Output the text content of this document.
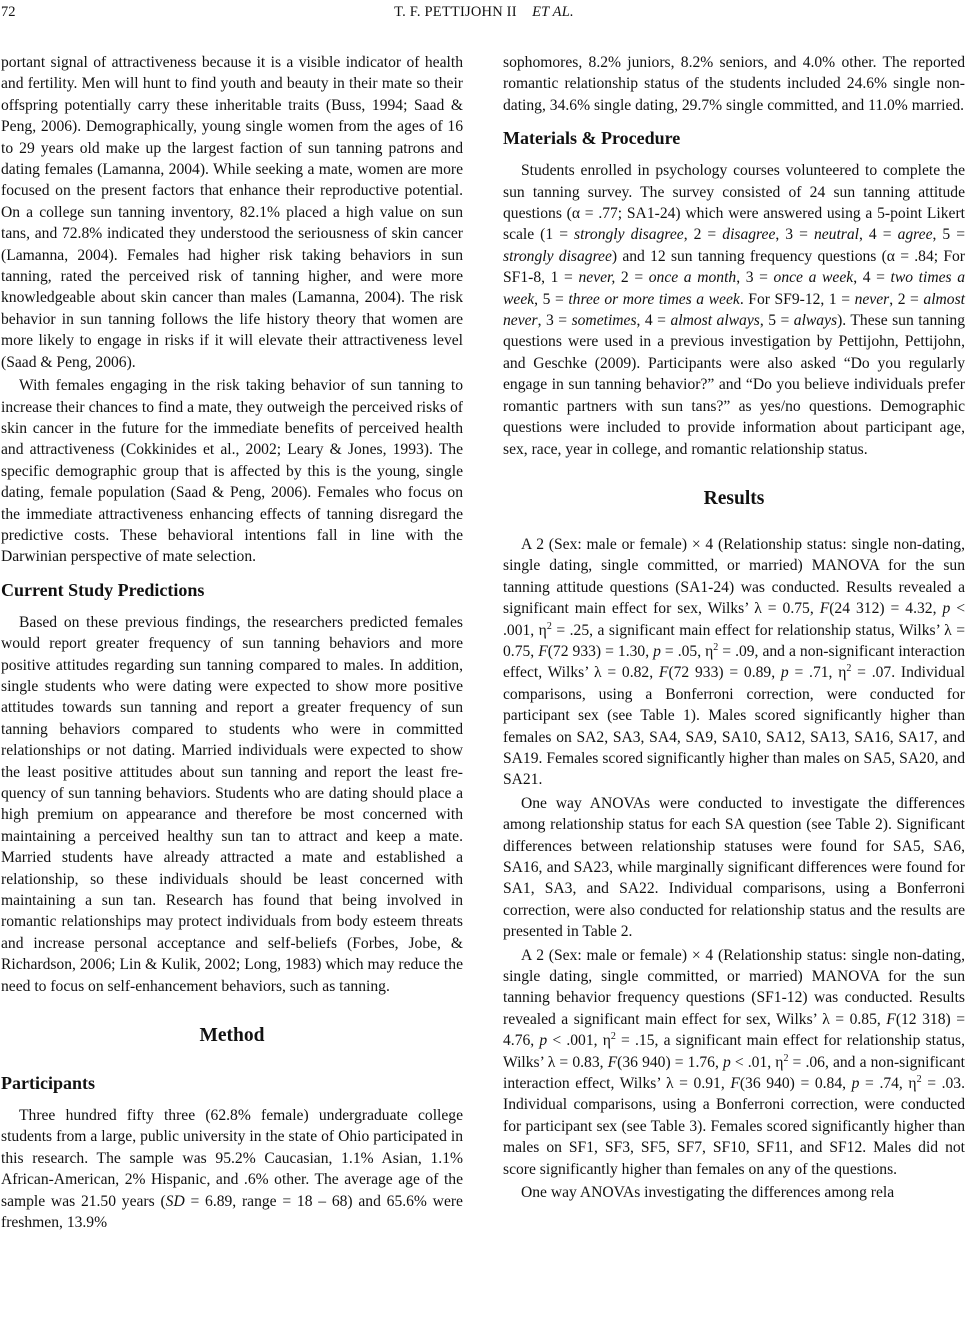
72	T. F. PETTIJOHN II ET AL.

portant signal of attractiveness because it is a visible indicator of health and fertility. Men will hunt to find youth and beauty in their mate so their offspring potentially carry these inheritable traits (Buss, 1994; Saad & Peng, 2006). Demographically, young single women from the ages of 16 to 29 years old make up the largest faction of sun tanning patrons and dating females (Lamanna, 2004). While seeking a mate, women are more focused on the present factors that enhance their reproductive potential. On a college sun tanning inventory, 82.1% placed a high value on sun tans, and 72.8% indicated they understood the seriousness of skin cancer (Lamanna, 2004). Females had higher risk taking behaviors in sun tanning, rated the perceived risk of tanning higher, and were more knowledgeable about skin cancer than males (Lamanna, 2004). The risk behavior in sun tanning follows the life history theory that women are more likely to engage in risks if it will elevate their attractiveness level (Saad & Peng, 2006).

With females engaging in the risk taking behavior of sun tanning to increase their chances to find a mate, they outweigh the perceived risks of skin cancer in the future for the immediate benefits of perceived health and attractiveness (Cokkinides et al., 2002; Leary & Jones, 1993). The specific demographic group that is affected by this is the young, single dating, female population (Saad & Peng, 2006). Females who focus on the immediate attractiveness enhancing effects of tanning disregard the predictive costs. These behavioral intentions fall in line with the Darwinian perspective of mate selection.

Current Study Predictions

Based on these previous findings, the researchers predicted females would report greater frequency of sun tanning behaviors and more positive attitudes regarding sun tanning compared to males. In addition, single students who were dating were expected to show more positive attitudes towards sun tanning and report a greater frequency of sun tanning behaviors compared to students who were in committed relationships or not dating. Married individuals were expected to show the least positive attitudes about sun tanning and report the least frequency of sun tanning behaviors. Students who are dating should place a high premium on appearance and therefore be most concerned with maintaining a perceived healthy sun tan to attract and keep a mate. Married students have already attracted a mate and established a relationship, so these individuals should be least concerned with maintaining a sun tan. Research has found that being involved in romantic relationships may protect individuals from body esteem threats and increase personal acceptance and self-beliefs (Forbes, Jobe, & Richardson, 2006; Lin & Kulik, 2002; Long, 1983) which may reduce the need to focus on self-enhancement behaviors, such as tanning.

Method
Participants

Three hundred fifty three (62.8% female) undergraduate college students from a large, public university in the state of Ohio participated in this research. The sample was 95.2% Caucasian, 1.1% Asian, 1.1% African-American, 2% Hispanic, and .6% other. The average age of the sample was 21.50 years (SD = 6.89, range = 18 – 68) and 65.6% were freshmen, 13.9%

sophomores, 8.2% juniors, 8.2% seniors, and 4.0% other. The reported romantic relationship status of the students included 24.6% single non-dating, 34.6% single dating, 29.7% single committed, and 11.0% married.

Materials & Procedure

Students enrolled in psychology courses volunteered to complete the sun tanning survey. The survey consisted of 24 sun tanning attitude questions (α = .77; SA1-24) which were answered using a 5-point Likert scale (1 = strongly disagree, 2 = disagree, 3 = neutral, 4 = agree, 5 = strongly disagree) and 12 sun tanning frequency questions (α = .84; For SF1-8, 1 = never, 2 = once a month, 3 = once a week, 4 = two times a week, 5 = three or more times a week. For SF9-12, 1 = never, 2 = almost never, 3 = sometimes, 4 = almost always, 5 = always). These sun tanning questions were used in a previous investigation by Pettijohn, Pettijohn, and Geschke (2009). Participants were also asked “Do you regularly engage in sun tanning behavior?” and “Do you believe individuals prefer romantic partners with sun tans?” as yes/no questions. Demographic questions were included to provide information about participant age, sex, race, year in college, and romantic relationship status.

Results

A 2 (Sex: male or female) × 4 (Relationship status: single non-dating, single dating, single committed, or married) MANOVA for the sun tanning attitude questions (SA1-24) was conducted. Results revealed a significant main effect for sex, Wilks’ λ = 0.75, F(24 312) = 4.32, p < .001, $\eta^2 = .25$, a significant main effect for relationship status, Wilks’ λ = 0.75, F(72 933) = 1.30, p = .05, $\eta^2 = .09$, and a non-significant interaction effect, Wilks’ λ = 0.82, F(72 933) = 0.89, p = .71, $\eta^2 = .07$. Individual comparisons, using a Bonferroni correction, were conducted for participant sex (see Table 1). Males scored significantly higher than females on SA2, SA3, SA4, SA9, SA10, SA12, SA13, SA16, SA17, and SA19. Females scored significantly higher than males on SA5, SA20, and SA21.

One way ANOVAs were conducted to investigate the differences among relationship status for each SA question (see Table 2). Significant differences between relationship statuses were found for SA5, SA6, SA16, and SA23, while marginally significant differences were found for SA1, SA3, and SA22. Individual comparisons, using a Bonferroni correction, were also conducted for relationship status and the results are presented in Table 2.

A 2 (Sex: male or female) × 4 (Relationship status: single non-dating, single dating, single committed, or married) MANOVA for the sun tanning behavior frequency questions (SF1-12) was conducted. Results revealed a significant main effect for sex, Wilks’ λ = 0.85, F(12 318) = 4.76, p < .001, $\eta^2 = .15$, a significant main effect for relationship status, Wilks’ λ = 0.83, F(36 940) = 1.76, p < .01, $\eta^2 = .06$, and a non-significant interaction effect, Wilks’ λ = 0.91, F(36 940) = 0.84, p = .74, $\eta^2 = .03$. Individual comparisons, using a Bonferroni correction, were conducted for participant sex (see Table 3). Females scored significantly higher than males on SF1, SF3, SF5, SF7, SF10, SF11, and SF12. Males did not score significantly higher than females on any of the questions.

One way ANOVAs investigating the differences among rela
